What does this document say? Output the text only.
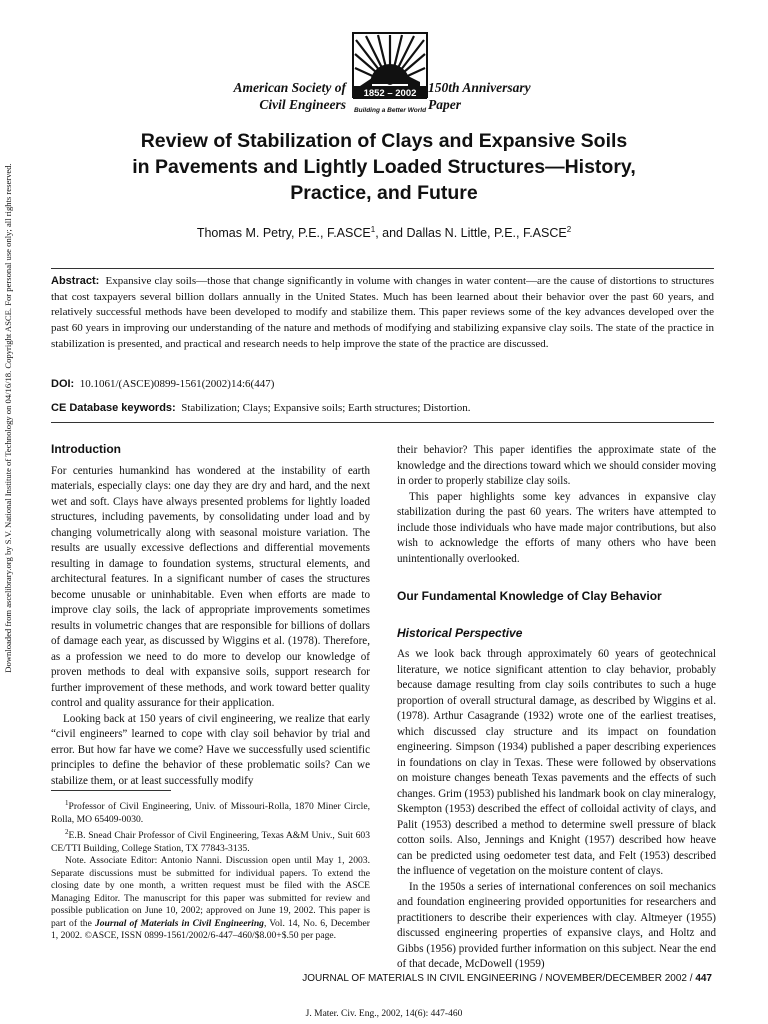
Downloaded from ascelibrary.org by S.V. National Institute of Technology on 04/16/18. Copyright ASCE. For personal use only; all rights reserved.
American Society of
Civil Engineers
1852 – 2002
Building a Better World
150th Anniversary
Paper
Review of Stabilization of Clays and Expansive Soils
in Pavements and Lightly Loaded Structures—History,
Practice, and Future
Thomas M. Petry, P.E., F.ASCE$^1$, and Dallas N. Little, P.E., F.ASCE$^2$
Abstract: Expansive clay soils—those that change significantly in volume with changes in water content—are the cause of distortions to structures that cost taxpayers several billion dollars annually in the United States. Much has been learned about their behavior over the past 60 years, and relatively successful methods have been developed to modify and stabilize them. This paper reviews some of the key advances developed over the past 60 years in improving our understanding of the nature and methods of modifying and stabilizing expansive clay soils. The state of the practice in stabilization is presented, and practical and research needs to help improve the state of the practice are discussed.
DOI: 10.1061/(ASCE)0899-1561(2002)14:6(447)
CE Database keywords: Stabilization; Clays; Expansive soils; Earth structures; Distortion.
Introduction

For centuries humankind has wondered at the instability of earth materials, especially clays: one day they are dry and hard, and the next wet and soft. Clays have always presented problems for lightly loaded structures, including pavements, by consolidating under load and by changing volumetrically along with seasonal moisture variation. The results are usually excessive deflections and differential movements resulting in damage to foundation systems, structural elements, and architectural features. In a significant number of cases the structures become unusable or uninhabitable. Even when efforts are made to improve clay soils, the lack of appropriate improvements sometimes results in volumetric changes that are responsible for billions of dollars of damage each year, as discussed by Wiggins et al. (1978). Therefore, as a profession we need to do more to develop our knowledge of proven methods to deal with expansive soils, support research for further improvement of these methods, and work toward better quality control and quality assurance for their application.

Looking back at 150 years of civil engineering, we realize that early “civil engineers” learned to cope with clay soil behavior by trial and error. But how far have we come? Have we successfully used scientific principles to define the behavior of these problematic soils? Can we stabilize them, or at least successfully modify

$^1$Professor of Civil Engineering, Univ. of Missouri-Rolla, 1870 Miner Circle, Rolla, MO 65409-0030.

$^2$E.B. Snead Chair Professor of Civil Engineering, Texas A&M Univ., Suit 603 CE/TTI Building, College Station, TX 77843-3135.

Note. Associate Editor: Antonio Nanni. Discussion open until May 1, 2003. Separate discussions must be submitted for individual papers. To extend the closing date by one month, a written request must be filed with the ASCE Managing Editor. The manuscript for this paper was submitted for review and possible publication on June 10, 2002; approved on June 19, 2002. This paper is part of the Journal of Materials in Civil Engineering, Vol. 14, No. 6, December 1, 2002. ©ASCE, ISSN 0899-1561/2002/6-447–460/$8.00+$.50 per page.

their behavior? This paper identifies the approximate state of the knowledge and the directions toward which we should consider moving in order to properly stabilize clay soils.

This paper highlights some key advances in expansive clay stabilization during the past 60 years. The writers have attempted to include those individuals who have made major contributions, but also wish to acknowledge the efforts of many others who have been unintentionally overlooked.

Our Fundamental Knowledge of Clay Behavior
Historical Perspective

As we look back through approximately 60 years of geotechnical literature, we notice significant attention to clay behavior, probably because damage resulting from clay soils contributes to such a huge proportion of overall structural damage, as described by Wiggins et al. (1978). Arthur Casagrande (1932) wrote one of the earliest treatises, which discussed clay structure and its impact on foundation engineering. Simpson (1934) published a paper describing experiences in foundations on clay in Texas. These were followed by observations on moisture changes beneath Texas pavements and the effects of such changes. Grim (1953) published his landmark book on clay mineralogy, Skempton (1953) described the effect of colloidal activity of clays, and Palit (1953) described a method to determine swell pressure of black cotton soils. Also, Jennings and Knight (1957) described how heave can be predicted using oedometer test data, and Felt (1953) described the influence of vegetation on the moisture content of clays.

In the 1950s a series of international conferences on soil mechanics and foundation engineering provided opportunities for researchers and practitioners to describe their experiences with clay. Altmeyer (1955) discussed engineering properties of expansive clays, and Holtz and Gibbs (1956) provided further information on this subject. Near the end of that decade, McDowell (1959)

JOURNAL OF MATERIALS IN CIVIL ENGINEERING / NOVEMBER/DECEMBER 2002 / 447
J. Mater. Civ. Eng., 2002, 14(6): 447-460
